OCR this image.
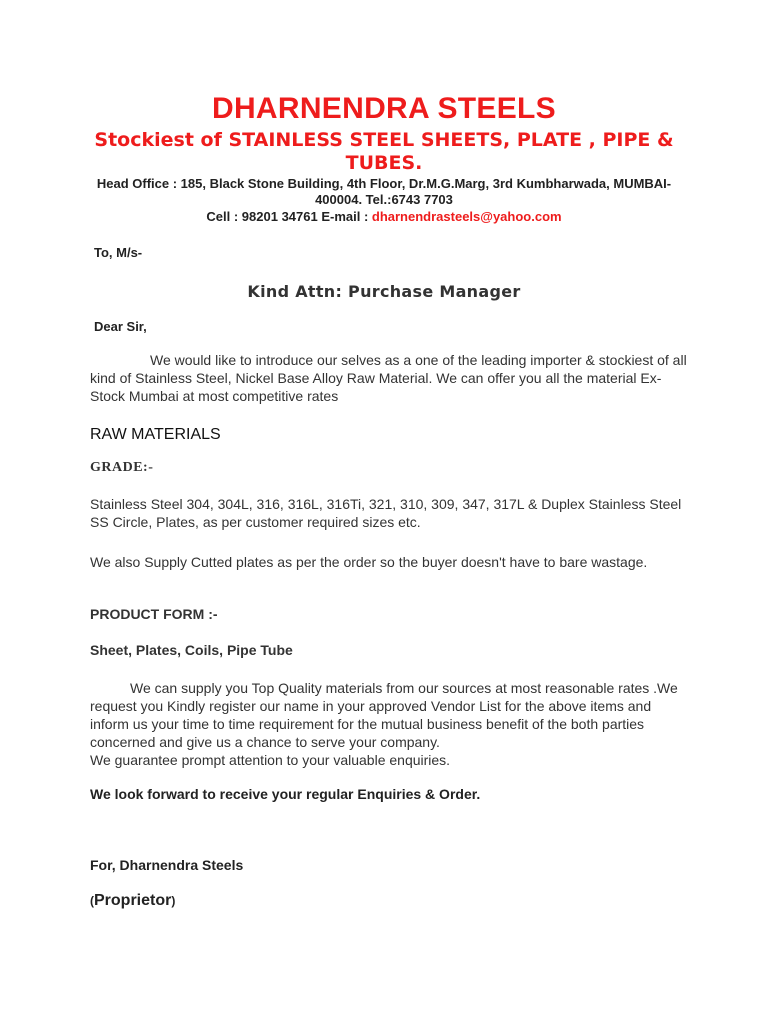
DHARNENDRA STEELS
Stockiest of STAINLESS STEEL SHEETS, PLATE , PIPE & TUBES.
Head Office : 185, Black Stone Building, 4th Floor, Dr.M.G.Marg, 3rd Kumbharwada, MUMBAI-400004. Tel.:6743 7703
Cell : 98201 34761 E-mail : dharnendrasteels@yahoo.com
To, M/s-
Kind Attn: Purchase Manager
Dear Sir,
We would like to introduce our selves as a one of the leading importer & stockiest of all kind of Stainless Steel, Nickel Base Alloy Raw Material. We can offer you all the material Ex-Stock Mumbai at most competitive rates
RAW MATERIALS
GRADE:-
Stainless Steel 304, 304L, 316, 316L, 316Ti, 321, 310, 309, 347, 317L & Duplex Stainless Steel SS Circle, Plates, as per customer required sizes etc.
We also Supply Cutted plates as per the order so the buyer doesn't have to bare wastage.
PRODUCT FORM :-
Sheet, Plates, Coils, Pipe Tube
We can supply you Top Quality materials from our sources at most reasonable rates .We request you Kindly register our name in your approved Vendor List for the above items and inform us your time to time requirement for the mutual business benefit of the both parties concerned and give us a chance to serve your company.
We guarantee prompt attention to your valuable enquiries.
We look forward to receive your regular Enquiries & Order.
For, Dharnendra Steels
(Proprietor)
